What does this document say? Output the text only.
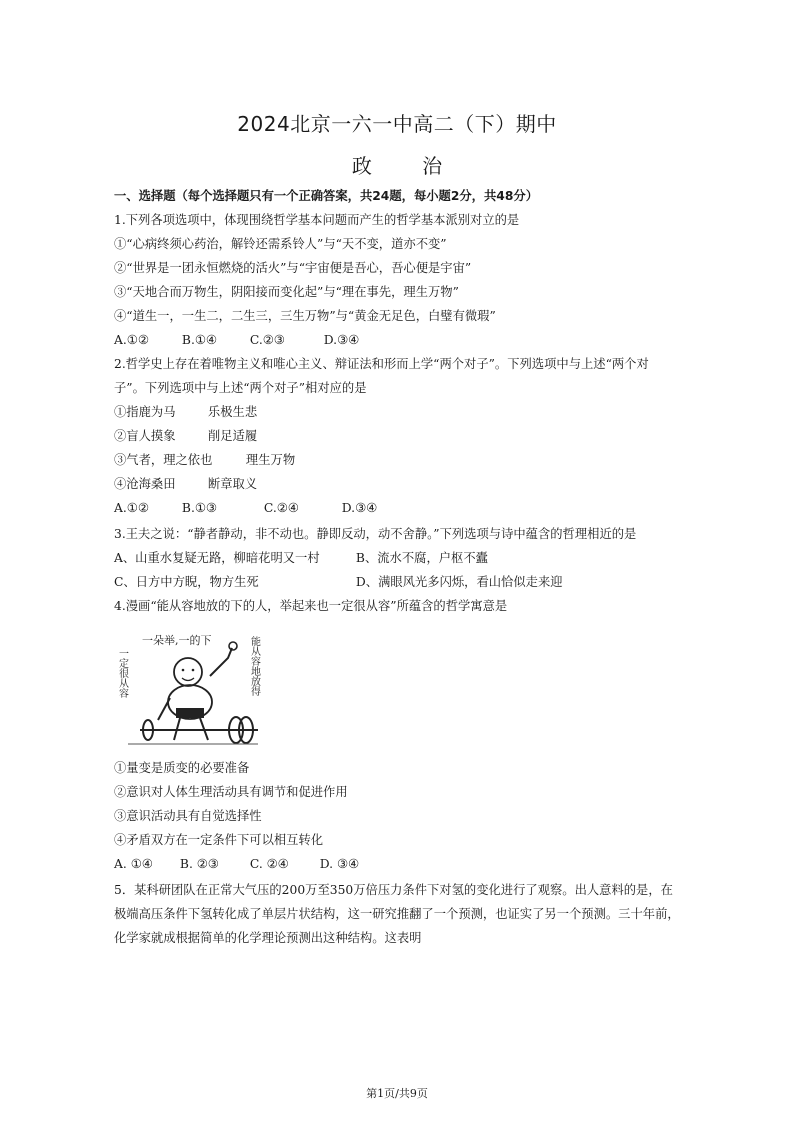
2024北京一六一中高二（下）期中
政 治
一、选择题（每个选择题只有一个正确答案，共24题，每小题2分，共48分）
1.下列各项选项中，体现围绕哲学基本问题而产生的哲学基本派别对立的是
①“心病终须心药治，解铃还需系铃人”与“天不变，道亦不变”
②“世界是一团永恒燃烧的活火”与“宇宙便是吾心，吾心便是宇宙”
③“天地合而万物生，阴阳接而变化起”与“理在事先，理生万物”
④“道生一，一生二，二生三，三生万物”与“黄金无足色，白璧有微瑕”
A.①②	B.①④	C.②③	D.③④
2.哲学史上存在着唯物主义和唯心主义、辩证法和形而上学“两个对子”。下列选项中与上述“两个对
子”。下列选项中与上述“两个对子”相对应的是
①指鹿为马	乐极生悲
②盲人摸象	削足适履
③气者，理之依也	理生万物
④沧海桑田	断章取义
A.①②	B.①③	C.②④	D.③④
3.王夫之说：“静者静动，非不动也。静即反动，动不舍静。”下列选项与诗中蕴含的哲理相近的是
A、山重水复疑无路，柳暗花明又一村	B、流水不腐，户枢不蠹
C、日方中方睨，物方生死	D、满眼风光多闪烁，看山恰似走来迎
4.漫画“能从容地放的下的人，举起来也一定很从容”所蕴含的哲学寓意是
一朵举,一的下
一定很从容	能从容地放得
①量变是质变的必要准备
②意识对人体生理活动具有调节和促进作用
③意识活动具有自觉选择性
④矛盾双方在一定条件下可以相互转化
A. ①④ B. ②③	C. ②④	D. ③④
5．某科研团队在正常大气压的200万至350万倍压力条件下对氢的变化进行了观察。出人意料的是，在
极端高压条件下氢转化成了单层片状结构，这一研究推翻了一个预测，也证实了另一个预测。三十年前，
化学家就成根据简单的化学理论预测出这种结构。这表明
第1页/共9页
